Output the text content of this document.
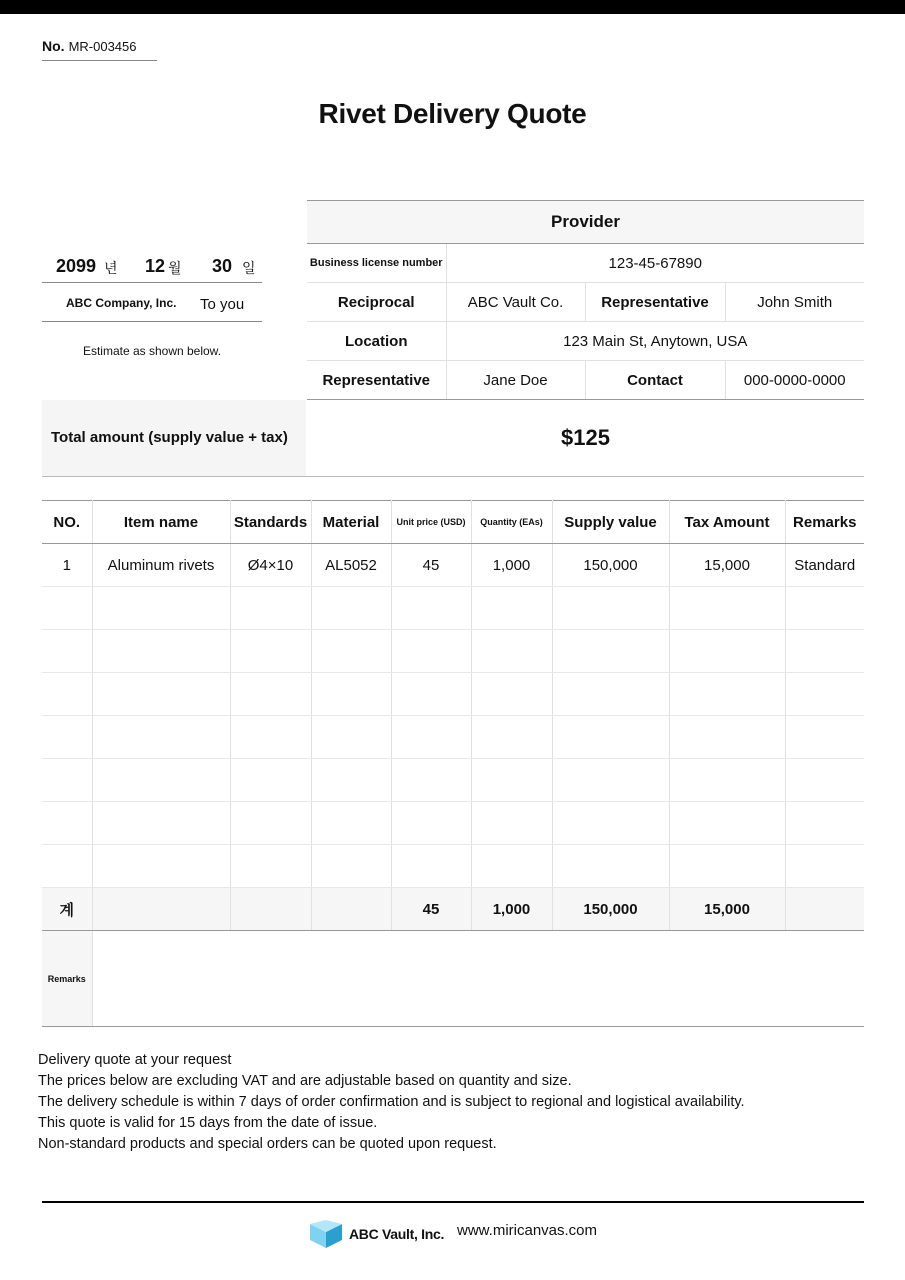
No. MR-003456
Rivet Delivery Quote
2099 년 12 월 30 일
ABC Company, Inc. To you
Estimate as shown below.
Provider			
Business license number	123-45-67890		
Reciprocal	ABC Vault Co.	Representative	John Smith
Location	123 Main St, Anytown, USA		
Representative	Jane Doe	Contact	000-0000-0000
Total amount (supply value + tax)	$125
NO.	Item name	Standards	Material	Unit price (USD)	Quantity (EAs)	Supply value	Tax Amount	Remarks
1	Aluminum rivets	Ø4×10	AL5052	45	1,000	150,000	15,000	Standard

계				45	1,000	150,000	15,000	
Remarks								
Delivery quote at your request
The prices below are excluding VAT and are adjustable based on quantity and size.
The delivery schedule is within 7 days of order confirmation and is subject to regional and logistical availability.
This quote is valid for 15 days from the date of issue.
Non-standard products and special orders can be quoted upon request.
ABC Vault, Inc. www.miricanvas.com
